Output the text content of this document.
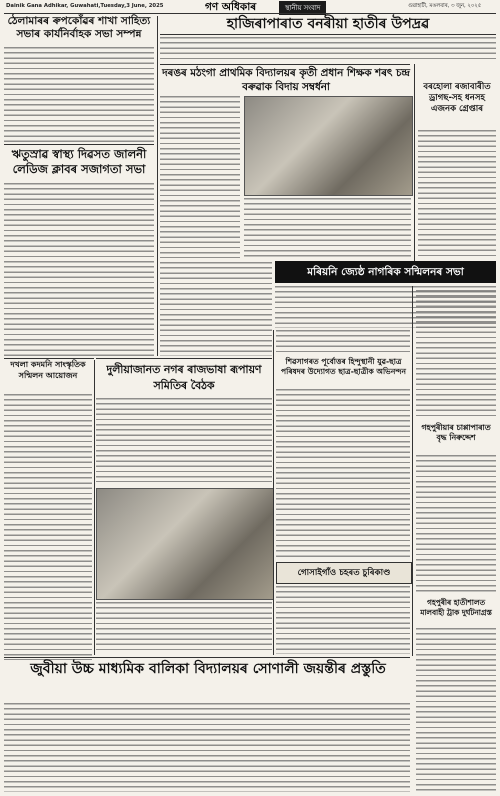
Dainik Gana Adhikar, Guwahati,Tuesday,3 June, 2025	গণ অধিকাৰ	স্থানীয় সংবাদ	গুৱাহাটী, মঙলবাৰ, ৩ জুন, ২০২৫
ঠেলামাৰৰ ৰুপকোঁৱৰ শাখা সাহিত্য সভাৰ কাৰ্যনিৰ্বাহক সভা সম্পন্ন
ঋতুস্ৰাৱ স্বাস্থ্য দিৱসত জালনী লেডিজ ক্লাবৰ সজাগতা সভা
দখলা কদমনি সাংস্কৃতিক সন্মিলন আয়োজন
হাজিৰাপাৰাত বনৰীয়া হাতীৰ উপদ্ৰৱ
দৰঙৰ মঠংগা প্ৰাথমিক বিদ্যালয়ৰ কৃতী প্ৰধান শিক্ষক শৰৎ চন্দ্ৰ বৰুৱাক বিদায় সম্বৰ্ধনা	বৰহোলা ৰজাবাৰীত ড্ৰাগছ-সহ ধনসহ এজনক গ্ৰেপ্তাৰ
মৰিয়নি জ্যেষ্ঠ নাগৰিক সন্মিলনৰ সভা
দুলীয়াজানত নগৰ ৰাজভাষা ৰূপায়ণ সমিতিৰ বৈঠক
শিৱসাগৰত পূৰ্বোত্তৰ হিন্দুস্থানী যুৱ-ছাত্ৰ পৰিষদৰ উদ্যোগত ছাত্ৰ-ছাত্ৰীক অভিনন্দন
গোসাইগাঁও চহৰত চুৰিকাণ্ড
গহপুৰীয়াৰ চাপ্পাপাৰাত বৃদ্ধ নিৰুদ্দেশ
গহপুৰীৰ হাতীশালত মালবাহী ট্ৰাক দুৰ্ঘটনাগ্ৰস্ত
জুবীয়া উচ্চ মাধ্যমিক বালিকা বিদ্যালয়ৰ সোণালী জয়ন্তীৰ প্ৰস্তুতি
